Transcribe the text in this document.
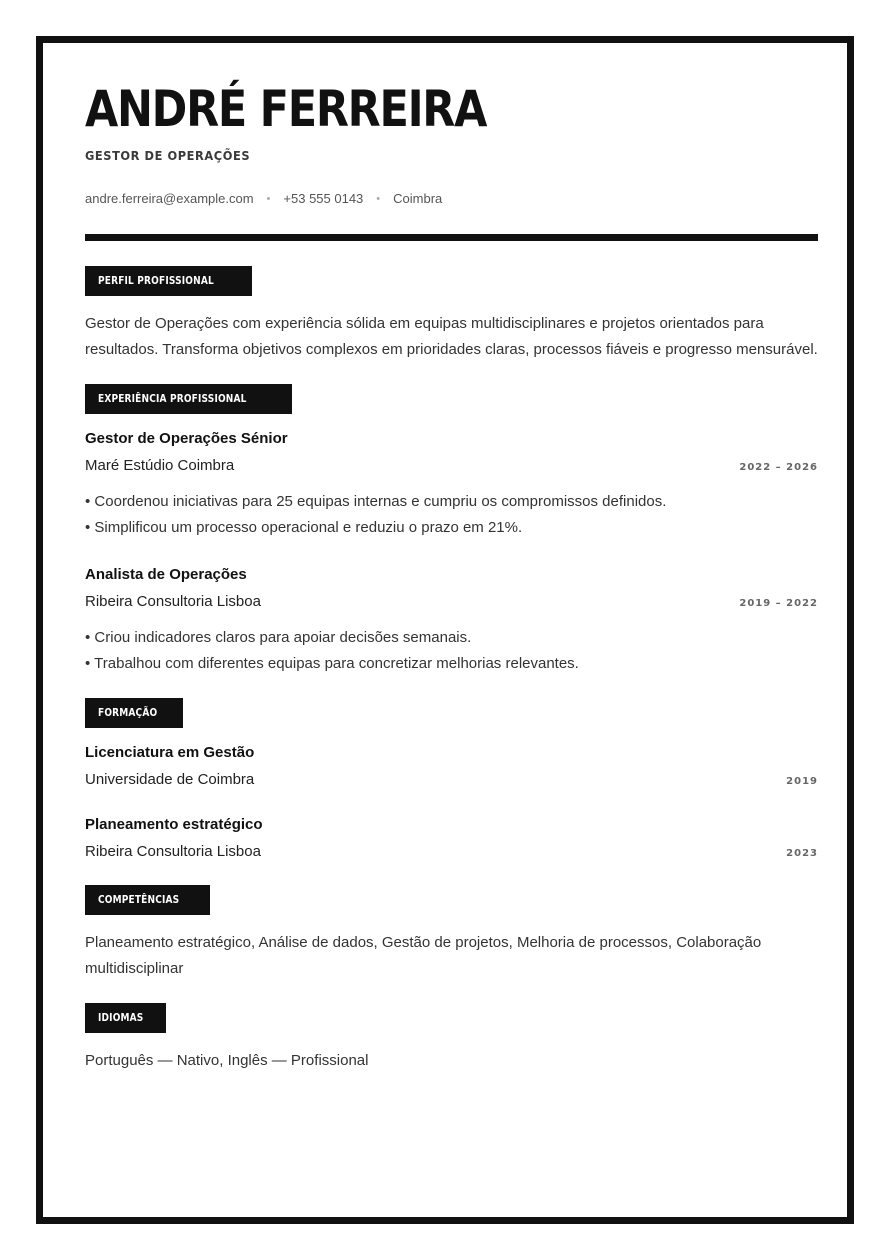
ANDRÉ FERREIRA
GESTOR DE OPERAÇÕES
andre.ferreira@example.com • +53 555 0143 • Coimbra
PERFIL PROFISSIONAL
Gestor de Operações com experiência sólida em equipas multidisciplinares e projetos orientados para resultados. Transforma objetivos complexos em prioridades claras, processos fiáveis e progresso mensurável.
EXPERIÊNCIA PROFISSIONAL
Gestor de Operações Sénior
Maré Estúdio Coimbra	2022 – 2026
• Coordenou iniciativas para 25 equipas internas e cumpriu os compromissos definidos.
• Simplificou um processo operacional e reduziu o prazo em 21%.
Analista de Operações
Ribeira Consultoria Lisboa	2019 – 2022
• Criou indicadores claros para apoiar decisões semanais.
• Trabalhou com diferentes equipas para concretizar melhorias relevantes.
FORMAÇÃO
Licenciatura em Gestão
Universidade de Coimbra	2019
Planeamento estratégico
Ribeira Consultoria Lisboa	2023
COMPETÊNCIAS
Planeamento estratégico, Análise de dados, Gestão de projetos, Melhoria de processos, Colaboração multidisciplinar
IDIOMAS
Português — Nativo, Inglês — Profissional
